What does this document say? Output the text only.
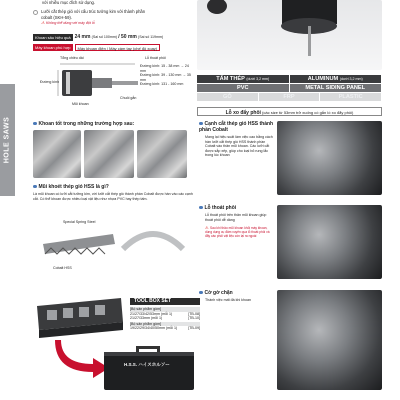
HOLE SAWS
với nhiều mục đích sử dụng.
Lưỡi cắt thép gió với cấu trúc tưởng kim với thành phần
cobalt (SKH-59).
⚠Không thể dùng với máy đột lỗ
Khoan sâu hiệu quả 24 mm (Sai số 100mm) / 50 mm (Sai số 119mm)
Máy khoan phù hợp	Máy khoan điện / Máy cầm tay (chế độ xoay)
Tổng chiều dài	Lỗ thoát phôi
Đường kính
Mũi khoan
Chuôi gắn
Đường kính: 15 - 38 mm → 24 mm
Đường kính: 39 - 130 mm → 35 mm
Đường kính: 131 - 160 mm
TẤM THÉP (dưới 3,2 mm)	ALUMINUM (dưới 3,2 mm)
PVC	METAL SIDING PANEL
GỖ	FRP	PLASTIC
Lỗ xo đẩy phôi (các size từ 53mm trở xuống có gắn lò xo đẩy phôi)
Khoan tốt trong những trường hợp sau:	Cạnh cắt thép gió HSS thành phần Cobalt
Mang lại hiệu suất làm việc cao bằng cách hàn lưỡi cắt thép gió HSS thành phần Cobalt vào thân mũi khoan. Các lưỡi cắt được sắp xếp, giúp cho loại bỏ rung lắc trong lúc khoan
Mũi khoét thép gió HSS là gì?
Là mũi khoan có lưỡi cắt tưởng kim, với lưỡi cắt thép gió thành phần Cobalt được hàn vào các cạnh cắt. Có thể khoan được nhiều loại vật liệu như nhựa PVC hay thép tấm.
Special Spring Steel
Cobalt HSS
Lỗ thoát phôi
Lỗ thoát phôi trên thân mũi khoan giúp thoát phôi dễ dàng
⚠Sau khi thảo mũi khoan khỏi máy khoan, dùng dụng cụ đâm xuyên qua lỗ thoát phôi và đẩy các phôi vật liệu còn lại ra ngoài
Cờ gờ chặn
Thành việc mất đà khi khoan
TOOL BOX SET
[Bộ sản phẩm gồm]
21/27/33/42/53mm (mỗi 1)	[TB-08]
21/27/33mm (mỗi 1)	[TB-10]
[Bộ sản phẩm gồm]
19/22/29/34/40/50mm (mỗi 1)	[TB-09]
H.S.S. ハイスホルソー
